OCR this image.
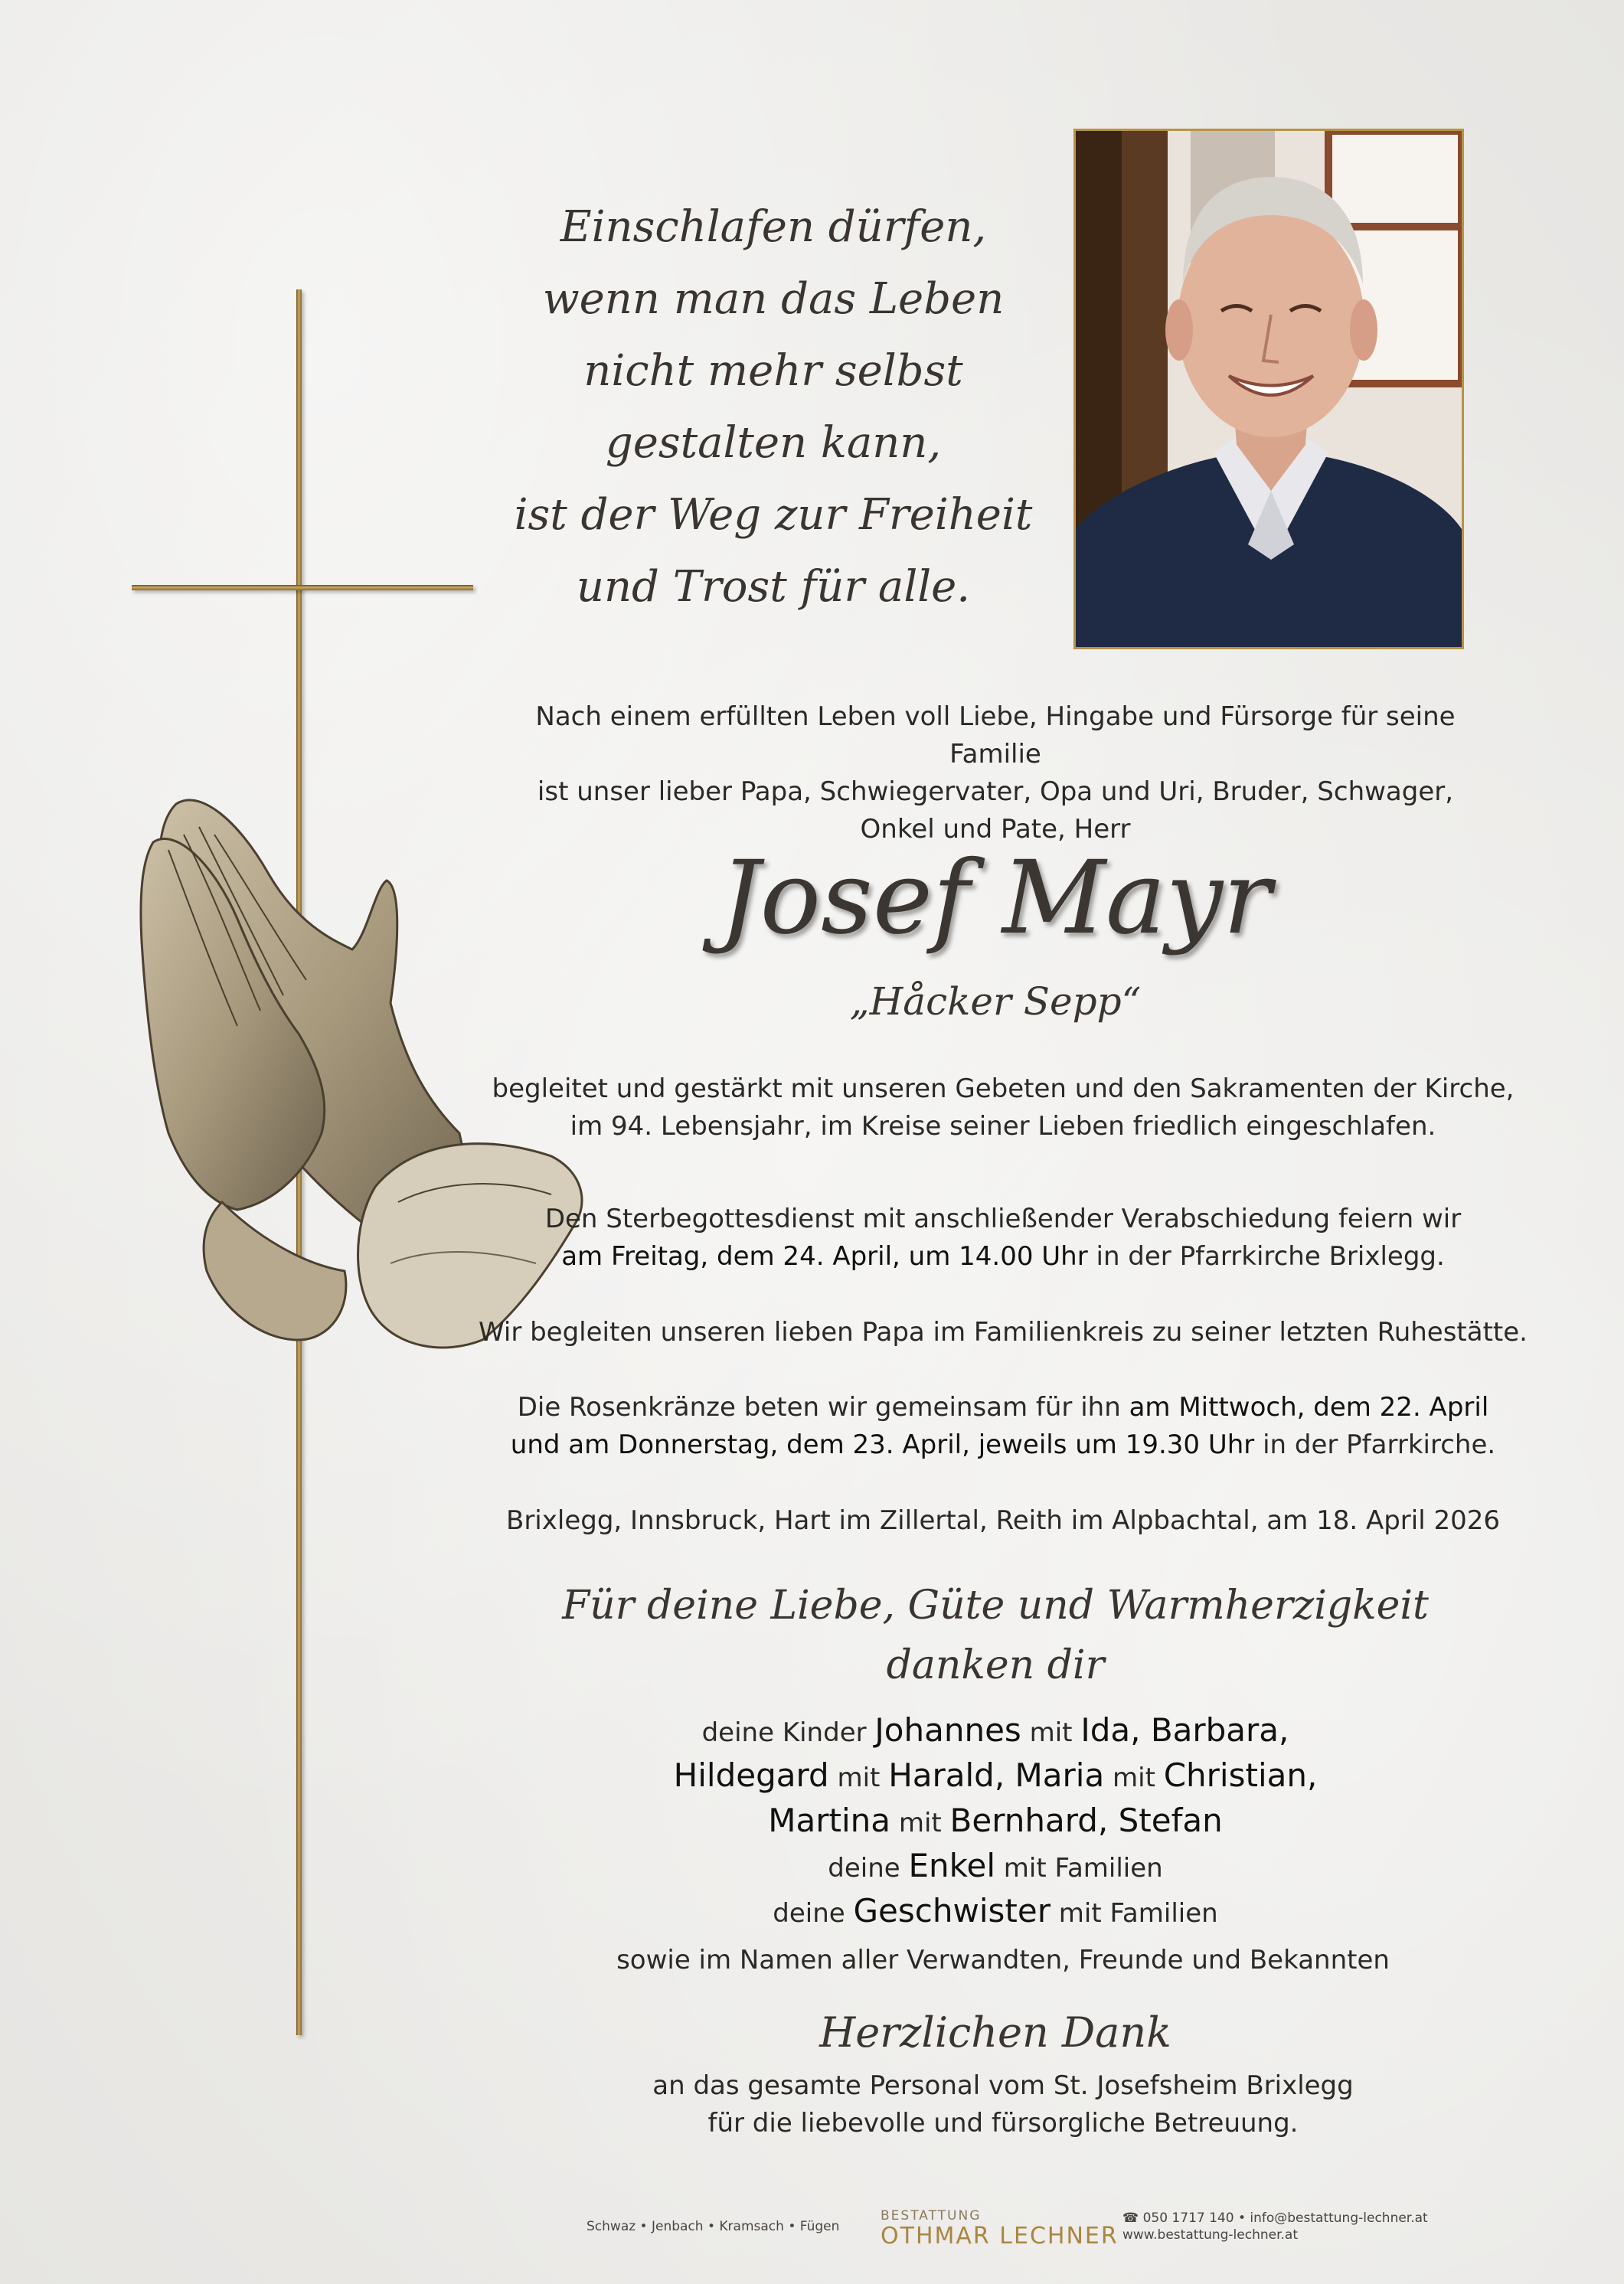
Einschlafen dürfen,
wenn man das Leben
nicht mehr selbst
gestalten kann,
ist der Weg zur Freiheit
und Trost für alle.
Nach einem erfüllten Leben voll Liebe, Hingabe und Fürsorge für seine Familie
ist unser lieber Papa, Schwiegervater, Opa und Uri, Bruder, Schwager,
Onkel und Pate, Herr
Josef Mayr
„Håcker Sepp“
begleitet und gestärkt mit unseren Gebeten und den Sakramenten der Kirche,
im 94. Lebensjahr, im Kreise seiner Lieben friedlich eingeschlafen.
Den Sterbegottesdienst mit anschließender Verabschiedung feiern wir
am Freitag, dem 24. April, um 14.00 Uhr in der Pfarrkirche Brixlegg.
Wir begleiten unseren lieben Papa im Familienkreis zu seiner letzten Ruhestätte.
Die Rosenkränze beten wir gemeinsam für ihn am Mittwoch, dem 22. April
und am Donnerstag, dem 23. April, jeweils um 19.30 Uhr in der Pfarrkirche.
Brixlegg, Innsbruck, Hart im Zillertal, Reith im Alpbachtal, am 18. April 2026
Für deine Liebe, Güte und Warmherzigkeit
danken dir
deine Kinder Johannes mit Ida, Barbara,
Hildegard mit Harald, Maria mit Christian,
Martina mit Bernhard, Stefan
deine Enkel mit Familien
deine Geschwister mit Familien
sowie im Namen aller Verwandten, Freunde und Bekannten
Herzlichen Dank
an das gesamte Personal vom St. Josefsheim Brixlegg
für die liebevolle und fürsorgliche Betreuung.
Schwaz • Jenbach • Kramsach • Fügen
BESTATTUNG
OTHMAR LECHNER
☎ 050 1717 140 • info@bestattung-lechner.at
www.bestattung-lechner.at
